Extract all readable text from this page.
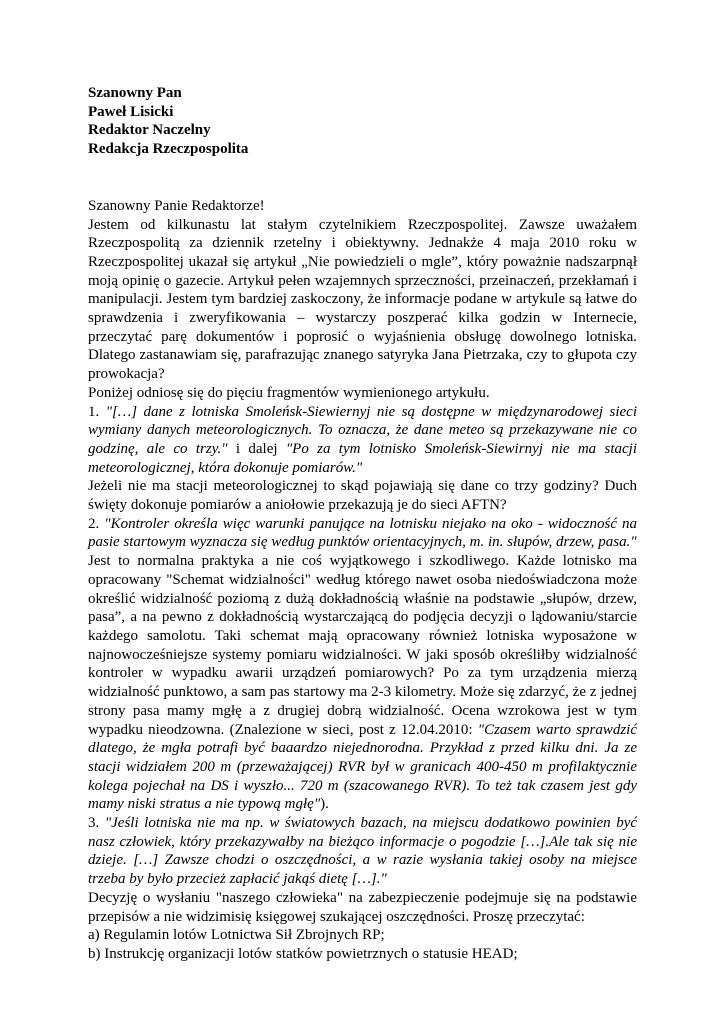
Szanowny Pan

Paweł Lisicki

Redaktor Naczelny

Redakcja Rzeczpospolita

Szanowny Panie Redaktorze!

Jestem od kilkunastu lat stałym czytelnikiem Rzeczpospolitej. Zawsze uważałem Rzeczpospolitą za dziennik rzetelny i obiektywny. Jednakże 4 maja 2010 roku w Rzeczpospolitej ukazał się artykuł „Nie powiedzieli o mgle”, który poważnie nadszarpnął moją opinię o gazecie. Artykuł pełen wzajemnych sprzeczności, przeinaczeń, przekłamań i manipulacji. Jestem tym bardziej zaskoczony, że informacje podane w artykule są łatwe do sprawdzenia i zweryfikowania – wystarczy poszperać kilka godzin w Internecie, przeczytać parę dokumentów i poprosić o wyjaśnienia obsługę dowolnego lotniska. Dlatego zastanawiam się, parafrazując znanego satyryka Jana Pietrzaka, czy to głupota czy prowokacja?

Poniżej odniosę się do pięciu fragmentów wymienionego artykułu.

1. "[…] dane z lotniska Smoleńsk-Siewiernyj nie są dostępne w międzynarodowej sieci wymiany danych meteorologicznych. To oznacza, że dane meteo są przekazywane nie co godzinę, ale co trzy." i dalej "Po za tym lotnisko Smoleńsk-Siewirnyj nie ma stacji meteorologicznej, która dokonuje pomiarów."

Jeżeli nie ma stacji meteorologicznej to skąd pojawiają się dane co trzy godziny? Duch święty dokonuje pomiarów a aniołowie przekazują je do sieci AFTN?

2. "Kontroler określa więc warunki panujące na lotnisku niejako na oko - widoczność na pasie startowym wyznacza się według punktów orientacyjnych, m. in. słupów, drzew, pasa."

Jest to normalna praktyka a nie coś wyjątkowego i szkodliwego. Każde lotnisko ma opracowany "Schemat widzialności" według którego nawet osoba niedoświadczona może określić widzialność poziomą z dużą dokładnością właśnie na podstawie „słupów, drzew, pasa”, a na pewno z dokładnością wystarczającą do podjęcia decyzji o lądowaniu/starcie każdego samolotu. Taki schemat mają opracowany również lotniska wyposażone w najnowocześniejsze systemy pomiaru widzialności. W jaki sposób określiłby widzialność kontroler w wypadku awarii urządzeń pomiarowych? Po za tym urządzenia mierzą widzialność punktowo, a sam pas startowy ma 2-3 kilometry. Może się zdarzyć, że z jednej strony pasa mamy mgłę a z drugiej dobrą widzialność. Ocena wzrokowa jest w tym wypadku nieodzowna. (Znalezione w sieci, post z 12.04.2010: "Czasem warto sprawdzić dlatego, że mgła potrafi być baaardzo niejednorodna. Przykład z przed kilku dni. Ja ze stacji widziałem 200 m (przeważającej) RVR był w granicach 400-450 m profilaktycznie kolega pojechał na DS i wyszło... 720 m (szacowanego RVR). To też tak czasem jest gdy mamy niski stratus a nie typową mgłę").

3. "Jeśli lotniska nie ma np. w światowych bazach, na miejscu dodatkowo powinien być nasz człowiek, który przekazywałby na bieżąco informacje o pogodzie […].Ale tak się nie dzieje. […] Zawsze chodzi o oszczędności, a w razie wysłania takiej osoby na miejsce trzeba by było przecież zapłacić jakąś dietę […]."

Decyzję o wysłaniu "naszego człowieka" na zabezpieczenie podejmuje się na podstawie przepisów a nie widzimisię księgowej szukającej oszczędności. Proszę przeczytać:

a) Regulamin lotów Lotnictwa Sił Zbrojnych RP;

b) Instrukcję organizacji lotów statków powietrznych o statusie HEAD;
